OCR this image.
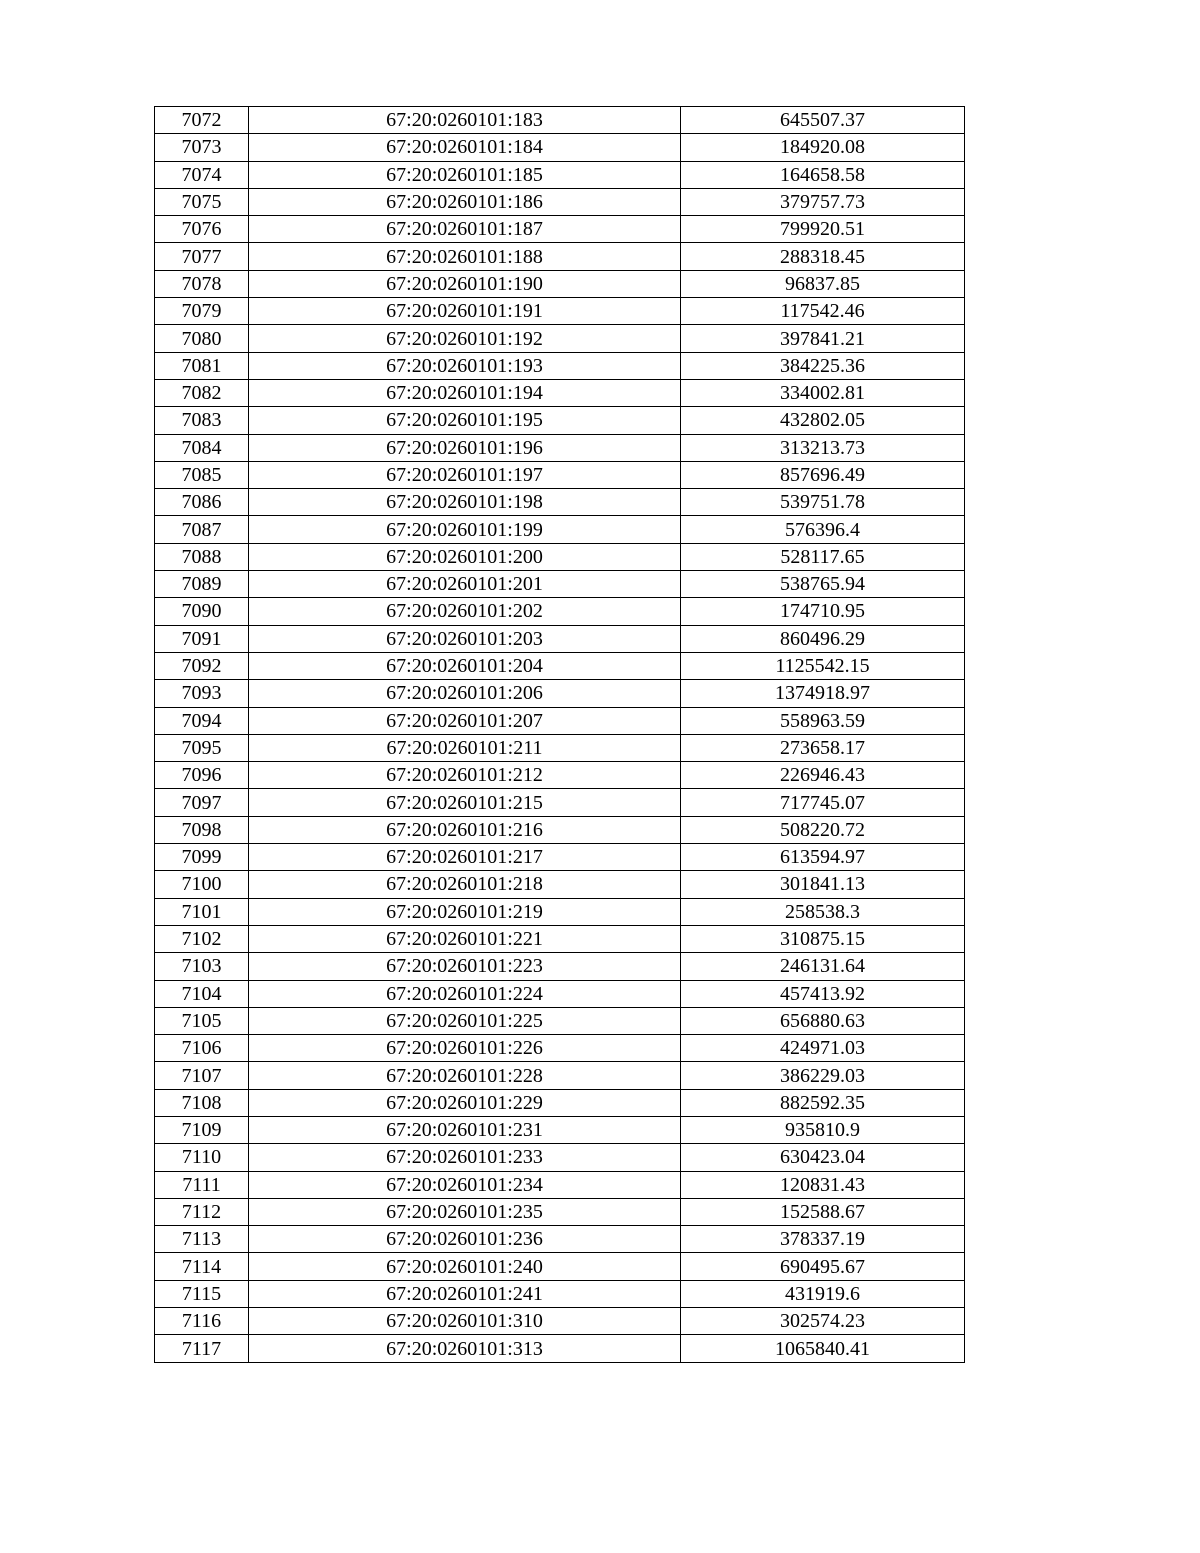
7072	67:20:0260101:183	645507.37
7073	67:20:0260101:184	184920.08
7074	67:20:0260101:185	164658.58
7075	67:20:0260101:186	379757.73
7076	67:20:0260101:187	799920.51
7077	67:20:0260101:188	288318.45
7078	67:20:0260101:190	96837.85
7079	67:20:0260101:191	117542.46
7080	67:20:0260101:192	397841.21
7081	67:20:0260101:193	384225.36
7082	67:20:0260101:194	334002.81
7083	67:20:0260101:195	432802.05
7084	67:20:0260101:196	313213.73
7085	67:20:0260101:197	857696.49
7086	67:20:0260101:198	539751.78
7087	67:20:0260101:199	576396.4
7088	67:20:0260101:200	528117.65
7089	67:20:0260101:201	538765.94
7090	67:20:0260101:202	174710.95
7091	67:20:0260101:203	860496.29
7092	67:20:0260101:204	1125542.15
7093	67:20:0260101:206	1374918.97
7094	67:20:0260101:207	558963.59
7095	67:20:0260101:211	273658.17
7096	67:20:0260101:212	226946.43
7097	67:20:0260101:215	717745.07
7098	67:20:0260101:216	508220.72
7099	67:20:0260101:217	613594.97
7100	67:20:0260101:218	301841.13
7101	67:20:0260101:219	258538.3
7102	67:20:0260101:221	310875.15
7103	67:20:0260101:223	246131.64
7104	67:20:0260101:224	457413.92
7105	67:20:0260101:225	656880.63
7106	67:20:0260101:226	424971.03
7107	67:20:0260101:228	386229.03
7108	67:20:0260101:229	882592.35
7109	67:20:0260101:231	935810.9
7110	67:20:0260101:233	630423.04
7111	67:20:0260101:234	120831.43
7112	67:20:0260101:235	152588.67
7113	67:20:0260101:236	378337.19
7114	67:20:0260101:240	690495.67
7115	67:20:0260101:241	431919.6
7116	67:20:0260101:310	302574.23
7117	67:20:0260101:313	1065840.41
